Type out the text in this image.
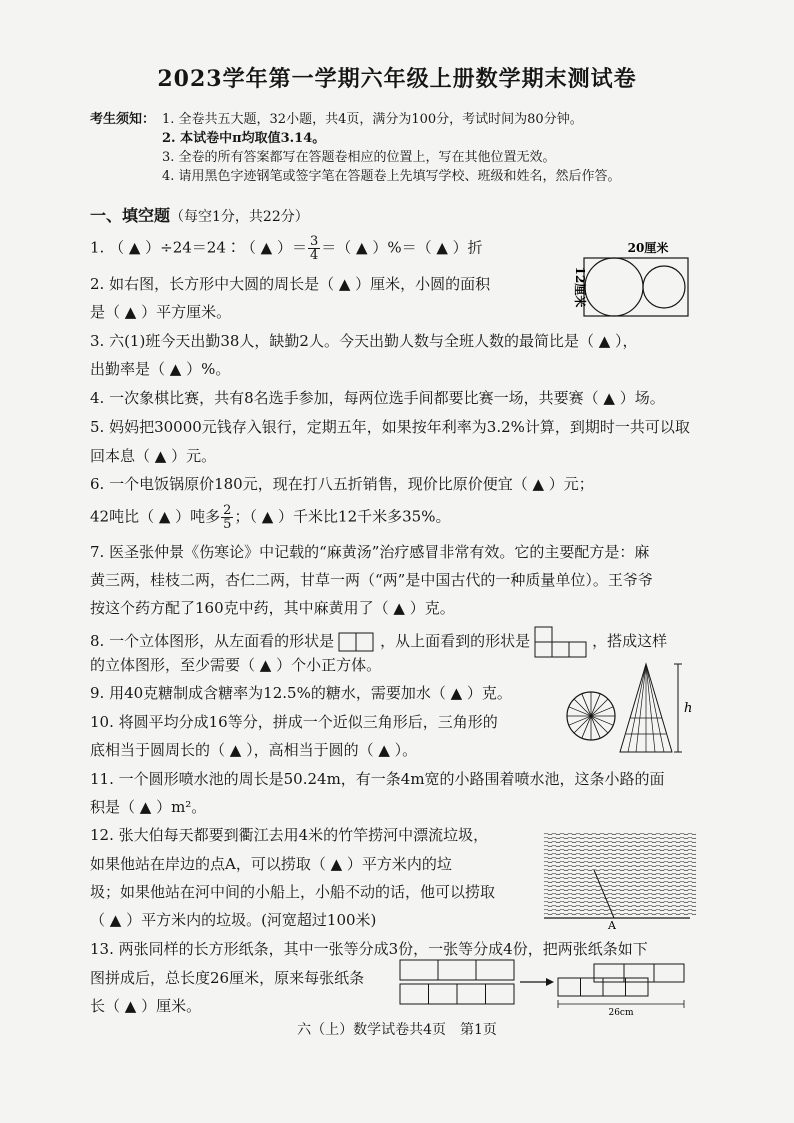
2023学年第一学期六年级上册数学期末测试卷
考生须知： 1. 全卷共五大题，32小题，共4页，满分为100分，考试时间为80分钟。
2. 本试卷中π均取值3.14。
3. 全卷的所有答案都写在答题卷相应的位置上，写在其他位置无效。
4. 请用黑色字迹钢笔或签字笔在答题卷上先填写学校、班级和姓名，然后作答。
一、填空题（每空1分，共22分）
1. （ ▲ ）÷24＝24∶（ ▲ ）＝ $\frac{3}{4}$ ＝（ ▲ ）%＝（ ▲ ）折
2. 如右图，长方形中大圆的周长是（ ▲ ）厘米，小圆的面积
是（ ▲ ）平方厘米。
20厘米
12厘米
3. 六(1)班今天出勤38人，缺勤2人。今天出勤人数与全班人数的最简比是（ ▲ ），
出勤率是（ ▲ ）%。
4. 一次象棋比赛，共有8名选手参加，每两位选手间都要比赛一场，共要赛（ ▲ ）场。
5. 妈妈把30000元钱存入银行，定期五年，如果按年利率为3.2%计算，到期时一共可以取
回本息（ ▲ ）元。
6. 一个电饭锅原价180元，现在打八五折销售，现价比原价便宜（ ▲ ）元；
42吨比（ ▲ ）吨多 $\frac{2}{5}$ ；（ ▲ ）千米比12千米多35%。
7. 医圣张仲景《伤寒论》中记载的“麻黄汤”治疗感冒非常有效。它的主要配方是：麻
黄三两，桂枝二两，杏仁二两，甘草一两（“两”是中国古代的一种质量单位）。王爷爷
按这个药方配了160克中药，其中麻黄用了（ ▲ ）克。
8. 一个立体图形，从左面看的形状是	，从上面看到的形状是	，搭成这样
的立体图形，至少需要（ ▲ ）个小正方体。
9. 用40克糖制成含糖率为12.5%的糖水，需要加水（ ▲ ）克。
h
10. 将圆平均分成16等分，拼成一个近似三角形后，三角形的
底相当于圆周长的（ ▲ ），高相当于圆的（ ▲ ）。
11. 一个圆形喷水池的周长是50.24m，有一条4m宽的小路围着喷水池，这条小路的面
积是（ ▲ ）m²。
12. 张大伯每天都要到衢江去用4米的竹竿捞河中漂流垃圾，
如果他站在岸边的点A，可以捞取（ ▲ ）平方米内的垃
圾；如果他站在河中间的小船上，小船不动的话，他可以捞取
（ ▲ ）平方米内的垃圾。(河宽超过100米)	A
13. 两张同样的长方形纸条，其中一张等分成3份，一张等分成4份，把两张纸条如下
图拼成后，总长度26厘米，原来每张纸条
长（ ▲ ）厘米。	26cm
六（上）数学试卷共4页　第1页
